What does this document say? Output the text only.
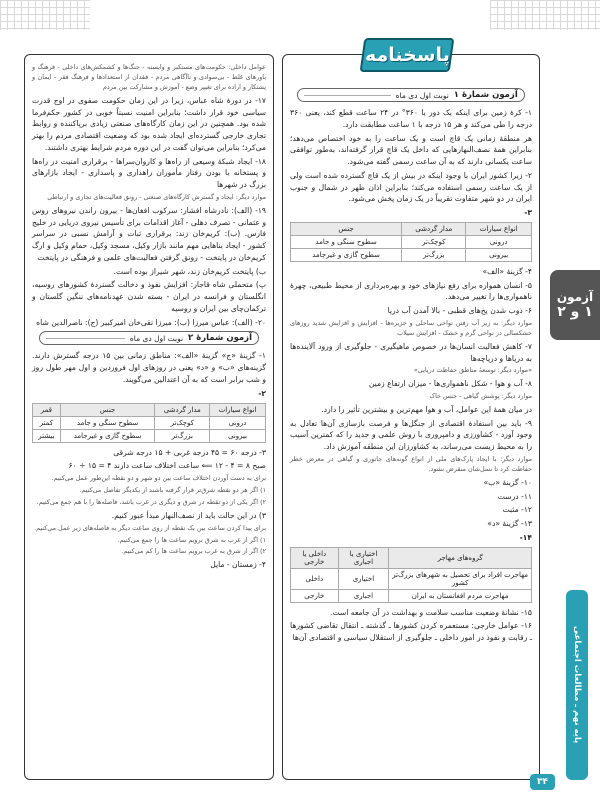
آزمون
۱ و ۲
پایه نهم ـ مطالعات اجتماعی
پاسخنامه
آزمون شمارهٔ ۱
نوبت اول دی ماه

۱- کرهٔ زمین برای اینکه یک دور با ۳۶۰° در ۲۴ ساعت قطع کند، یعنی ۳۶۰ درجه را طی می‌کند و هر ۱۵ درجه با ۱ ساعت مطابقت دارد.

هر منطقهٔ زمانی یک قاچ است و یک ساعت را به خود اختصاص می‌دهد؛ بنابراین همهٔ نصف‌النهارهایی که داخل یک قاچ قرار گرفته‌اند، به‌طور توافقی ساعت یکسانی دارند که به آن ساعت رسمی گفته می‌شود.

۲- زیرا کشور ایران با وجود اینکه در بیش از یک قاچ گسترده شده است ولی از یک ساعت رسمی استفاده می‌کند؛ بنابراین اذان ظهر در شمال و جنوب ایران در دو شهر متفاوت تقریباً در یک زمان پخش می‌شود.

۳-

انواع سیارات	مدار گردشی	جنس
درونی	کوچک‌تر	سطوح سنگی و جامد
بیرونی	بزرگ‌تر	سطوح گازی و غیرجامد

۴- گزینهٔ «الف»

۵- انسان همواره برای رفع نیازهای خود و بهره‌برداری از محیط طبیعی، چهرهٔ ناهمواری‌ها را تغییر می‌دهد.

۶- ذوب شدن یخ‌های قطبی - بالا آمدن آب دریا

موارد دیگر: به زیر آب رفتن نواحی ساحلی و جزیره‌ها - افزایش و افزایش شدید روزهای خشکسالی در نواحی گرم و خشک - افزایش سیلاب

۷- کاهش فعالیت انسان‌ها در خصوص ماهیگیری - جلوگیری از ورود آلاینده‌ها به دریاها و دریاچه‌ها

«موارد دیگر: توسعهٔ مناطق حفاظت دریایی»

۸- آب و هوا - شکل ناهمواری‌ها - میزان ارتفاع زمین

موارد دیگر: پوشش گیاهی - جنس خاک

در میان همهٔ این عوامل، آب و هوا مهم‌ترین و بیشترین تأثیر را دارد.

۹- باید بین استفادهٔ اقتصادی از جنگل‌ها و فرصت بازسازی آن‌ها تعادل به وجود آورد - کشاورزی و دامپروری با روش علمی و جدید را که کمترین آسیب را به محیط زیست می‌رساند، به کشاورزان این منطقه آموزش داد.

موارد دیگر: با ایجاد پارک‌های ملی از انواع گونه‌های جانوری و گیاهی در معرض خطر حفاظت کرد تا نسل‌شان منقرض نشود.

۱۰- گزینهٔ «ب»

۱۱- درست

۱۲- مثبت

۱۳- گزینهٔ «د»

۱۴-

گروه‌های مهاجر	اختیاری یا اجباری	داخلی یا خارجی
مهاجرت افراد برای تحصیل به شهرهای بزرگ‌تر کشور	اختیاری	داخلی
مهاجرت مردم افغانستان به ایران	اجباری	خارجی

۱۵- نشانهٔ وضعیت مناسب سلامت و بهداشت در آن جامعه است.

۱۶- عوامل خارجی: مستعمره کردن کشورها ـ گذشته ـ انتقال تقاضی کشورها ـ رقابت و نفوذ در امور داخلی ـ جلوگیری از استقلال سیاسی و اقتصادی آن‌ها

عوامل داخلی: حکومت‌های مستکبر و وابسته - جنگ‌ها و کشمکش‌های داخلی - فرهنگ و باورهای غلط - بی‌سوادی و ناآگاهی مردم - فقدان از استعدادها و فرهنگ فقر - ایمان و پشتکار و اراده برای تغییر وضع - آموزش و مشارکت بین مردم

۱۷- در دورهٔ شاه عباس، زیرا در این زمان حکومت صفوی در اوج قدرت سیاسی خود قرار داشت؛ بنابراین امنیت نسبتاً خوبی در کشور حکم‌فرما شده بود. همچنین در این زمان کارگاه‌های صنعتی زیادی برپاکننده و روابط تجاری خارجی گسترده‌ای ایجاد شده بود که وضعیت اقتصادی مردم را بهتر می‌کرد؛ بنابراین می‌توان گفت در این دوره مردم شرایط بهتری داشتند.

۱۸- ایجاد شبکهٔ وسیعی از راه‌ها و کاروان‌سراها - برقراری امنیت در راه‌ها و پستخانه با بودن رفتار مأموران راهداری و پاسداری - ایجاد بازارهای بزرگ در شهرها

موارد دیگر: ایجاد و گسترش کارگاه‌های صنعتی - رونق فعالیت‌های تجاری و ارتباطی

۱۹- (الف): نادرشاه افشار: سرکوب افغان‌ها - بیرون راندن نیروهای روس و عثمانی - تصرف دهلی - آغاز اقدامات برای تأسیس نیروی دریایی در خلیج فارس. (ب): کریم‌خان زند: برقراری ثبات و آرامش نسبی در سراسر کشور - ایجاد بناهایی مهم مانند بازار وکیل، مسجد وکیل، حمام وکیل و ارگ کریم‌خان در پایتخت - رونق گرفتن فعالیت‌های علمی و فرهنگی در پایتخت

ب) پایتخت کریم‌خان زند، شهر شیراز بوده است.

پ) متحملی شاه قاجار: افزایش نفوذ و دخالت گستردهٔ کشورهای روسیه، انگلستان و فرانسه در ایران - بسته شدن عهدنامه‌های ننگین گلستان و ترکمان‌چای بین ایران و روسیه

۲۰- (الف): عباس میرزا (ب): میرزا تقی‌خان امیرکبیر (ج): ناصرالدین شاه

آزمون شمارهٔ ۲
نوبت اول دی ماه

۱- گزینهٔ «ج» گزینهٔ «الف»: مناطق زمانی بین ۱۵ درجه گسترش دارند. گزینه‌های «ب» و «د» یعنی در روزهای اول فروردین و اول مهر طول روز و شب برابر است که به آن اعتدالین می‌گویند.

۲-

انواع سیارات	مدار گردشی	جنس	قمر
درونی	کوچک‌تر	سطوح سنگی و جامد	کمتر
بیرونی	بزرگ‌تر	سطوح گازی و غیرجامد	بیشتر

۳- درجه ۶۰ = ۴۵ درجه غربی + ۱۵ درجه شرقی

صبح ۸ = ۴ - ۱۲ ⟸ ساعت اختلاف ساعت دارند ۴ = ۱۵ ÷ ۶۰

برای به دست آوردن اختلاف ساعت بین دو شهر و دو نقطه این‌طور عمل می‌کنیم.

۱) اگر هر دو نقطه شرق‌تر قرار گرفته باشند از یکدیگر تفاضل می‌کنیم.

۲) اگر یکی از دو نقطه در شرق و دیگری در غرب باشد، فاصله‌ها را با هم جمع می‌کنیم.

۳) در این حالت باید از نصف‌النهار مبدأ عبور کنیم.

برای پیدا کردن ساعت بین یک نقطه از روی ساعت دیگر به فاصله‌های زیر عمل می‌کنیم.

۱) اگر از غرب به شرق برویم ساعت ها را جمع می‌کنیم.

۲) اگر از شرق به غرب برویم ساعت ها را کم می‌کنیم.

۴- زمستان - مایل

۳۴
